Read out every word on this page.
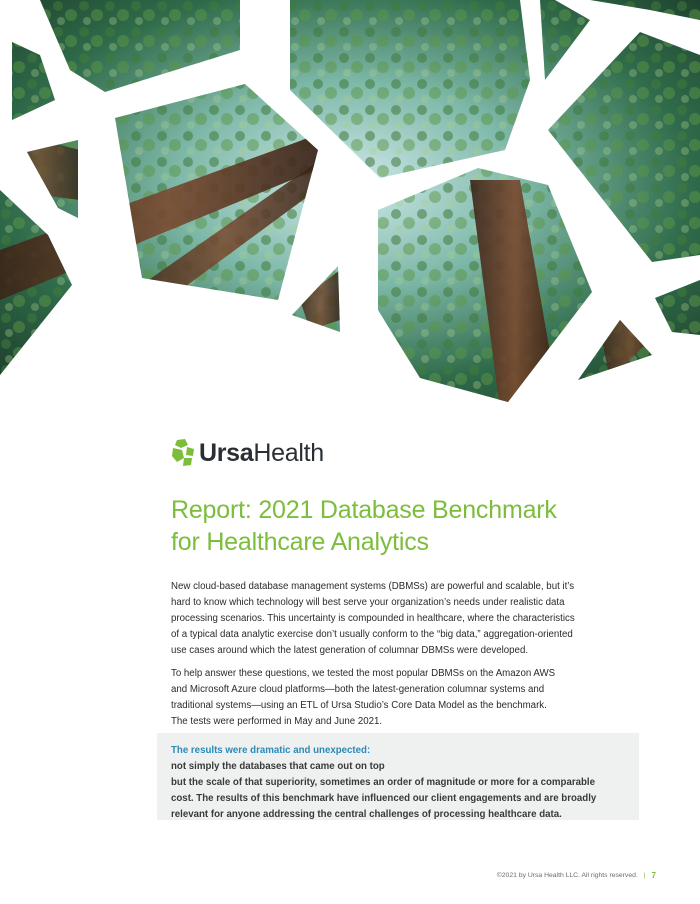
UrsaHealth
Report: 2021 Database Benchmark
for Healthcare Analytics

New cloud-based database management systems (DBMSs) are powerful and scalable, but it’s
hard to know which technology will best serve your organization’s needs under realistic data
processing scenarios. This uncertainty is compounded in healthcare, where the characteristics
of a typical data analytic exercise don’t usually conform to the “big data,” aggregation-oriented
use cases around which the latest generation of columnar DBMSs were developed.

To help answer these questions, we tested the most popular DBMSs on the Amazon AWS
and Microsoft Azure cloud platforms—both the latest-generation columnar systems and
traditional systems—using an ETL of Ursa Studio’s Core Data Model as the benchmark.
The tests were performed in May and June 2021.

The results were dramatic and unexpected:
not simply the databases that came out on top
but the scale of that superiority, sometimes an order of magnitude or more for a comparable
cost. The results of this benchmark have influenced our client engagements and are broadly
relevant for anyone addressing the central challenges of processing healthcare data.

©2021 by Ursa Health LLC. All rights reserved. | 7
